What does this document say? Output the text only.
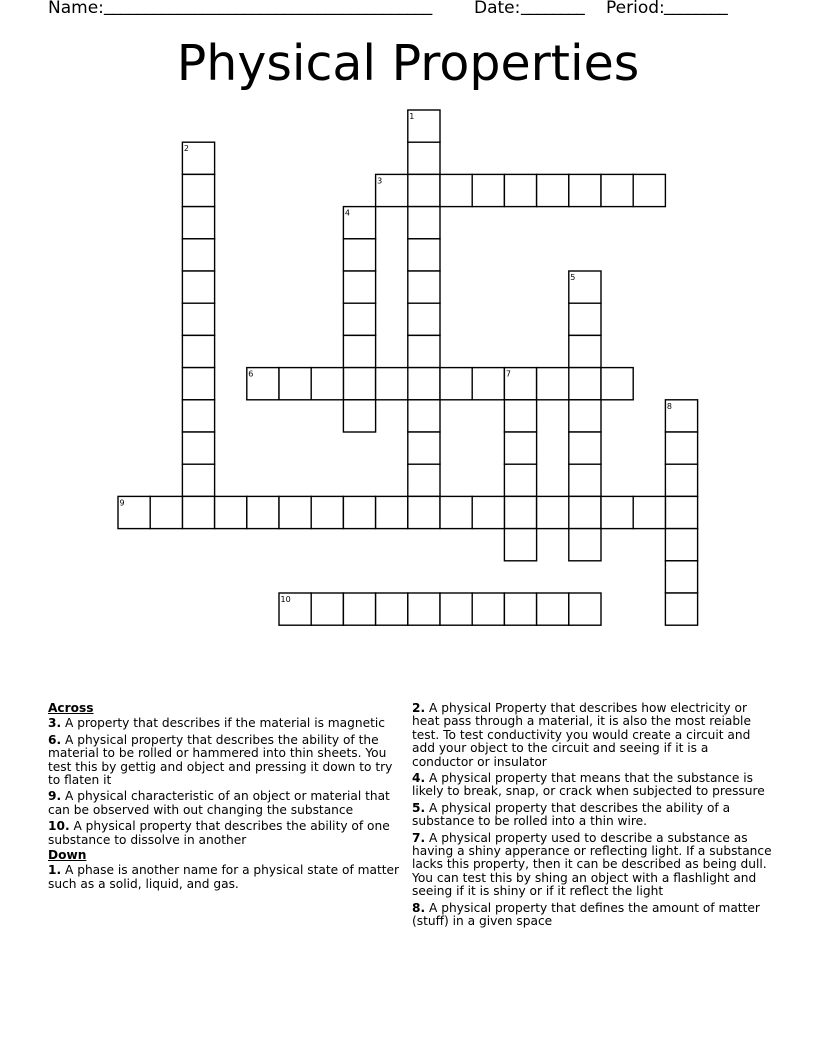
Name: ________________________________________ Date: ________ Period: ________
Physical Properties
1
2
3
4
5
6	7
8
9
10
Across
3. A property that describes if the material is magnetic
6. A physical property that describes the ability of the material to be rolled or hammered into thin sheets. You test this by gettig and object and pressing it down to try to flaten it
9. A physical characteristic of an object or material that can be observed with out changing the substance
10. A physical property that describes the ability of one substance to dissolve in another
Down
1. A phase is another name for a physical state of matter such as a solid, liquid, and gas.
2. A physical Property that describes how electricity or heat pass through a material, it is also the most reiable test. To test conductivity you would create a circuit and add your object to the circuit and seeing if it is a conductor or insulator
4. A physical property that means that the substance is likely to break, snap, or crack when subjected to pressure
5. A physical property that describes the ability of a substance to be rolled into a thin wire.
7. A physical property used to describe a substance as having a shiny apperance or reflecting light. If a substance lacks this property, then it can be described as being dull. You can test this by shing an object with a flashlight and seeing if it is shiny or if it reflect the light
8. A physical property that defines the amount of matter (stuff) in a given space
